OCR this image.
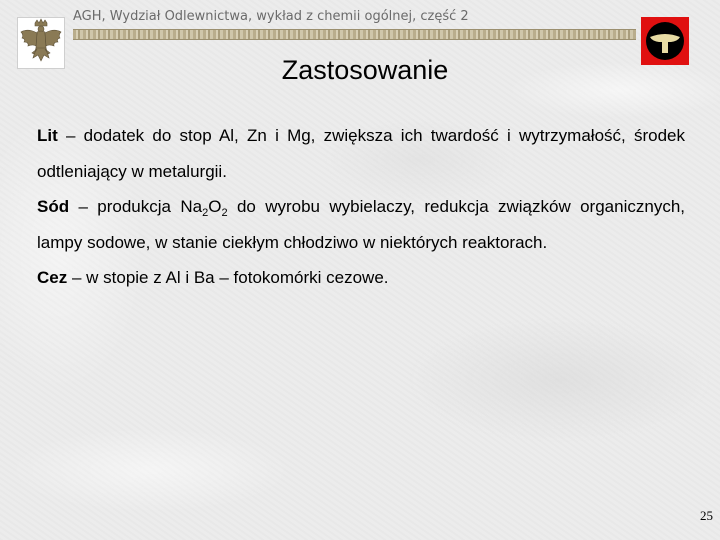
AGH, Wydział Odlewnictwa, wykład z chemii ogólnej, część 2
Zastosowanie

Lit – dodatek do stop Al, Zn i Mg, zwiększa ich twardość i wytrzymałość, środek odtleniający w metalurgii.

Sód – produkcja $Na_2O_2$ do wyrobu wybielaczy, redukcja związków organicznych, lampy sodowe, w stanie ciekłym chłodziwo w niektórych reaktorach.

Cez – w stopie z Al i Ba – fotokomórki cezowe.

25
